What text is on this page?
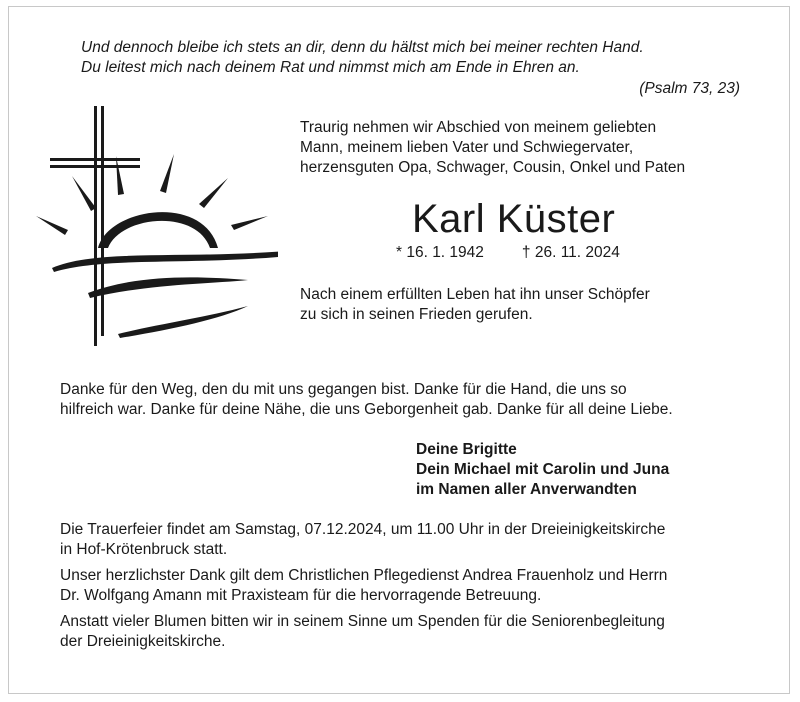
Und dennoch bleibe ich stets an dir, denn du hältst mich bei meiner rechten Hand.
Du leitest mich nach deinem Rat und nimmst mich am Ende in Ehren an.
(Psalm 73, 23)
Traurig nehmen wir Abschied von meinem geliebten
Mann, meinem lieben Vater und Schwiegervater,
herzensguten Opa, Schwager, Cousin, Onkel und Paten
Karl Küster
* 16. 1. 1942 † 26. 11. 2024
Nach einem erfüllten Leben hat ihn unser Schöpfer
zu sich in seinen Frieden gerufen.
Danke für den Weg, den du mit uns gegangen bist. Danke für die Hand, die uns so
hilfreich war. Danke für deine Nähe, die uns Geborgenheit gab. Danke für all deine Liebe.
Deine Brigitte
Dein Michael mit Carolin und Juna
im Namen aller Anverwandten

Die Trauerfeier findet am Samstag, 07.12.2024, um 11.00 Uhr in der Dreieinigkeitskirche
in Hof-Krötenbruck statt.

Unser herzlichster Dank gilt dem Christlichen Pflegedienst Andrea Frauenholz und Herrn
Dr. Wolfgang Amann mit Praxisteam für die hervorragende Betreuung.

Anstatt vieler Blumen bitten wir in seinem Sinne um Spenden für die Seniorenbegleitung
der Dreieinigkeitskirche.
